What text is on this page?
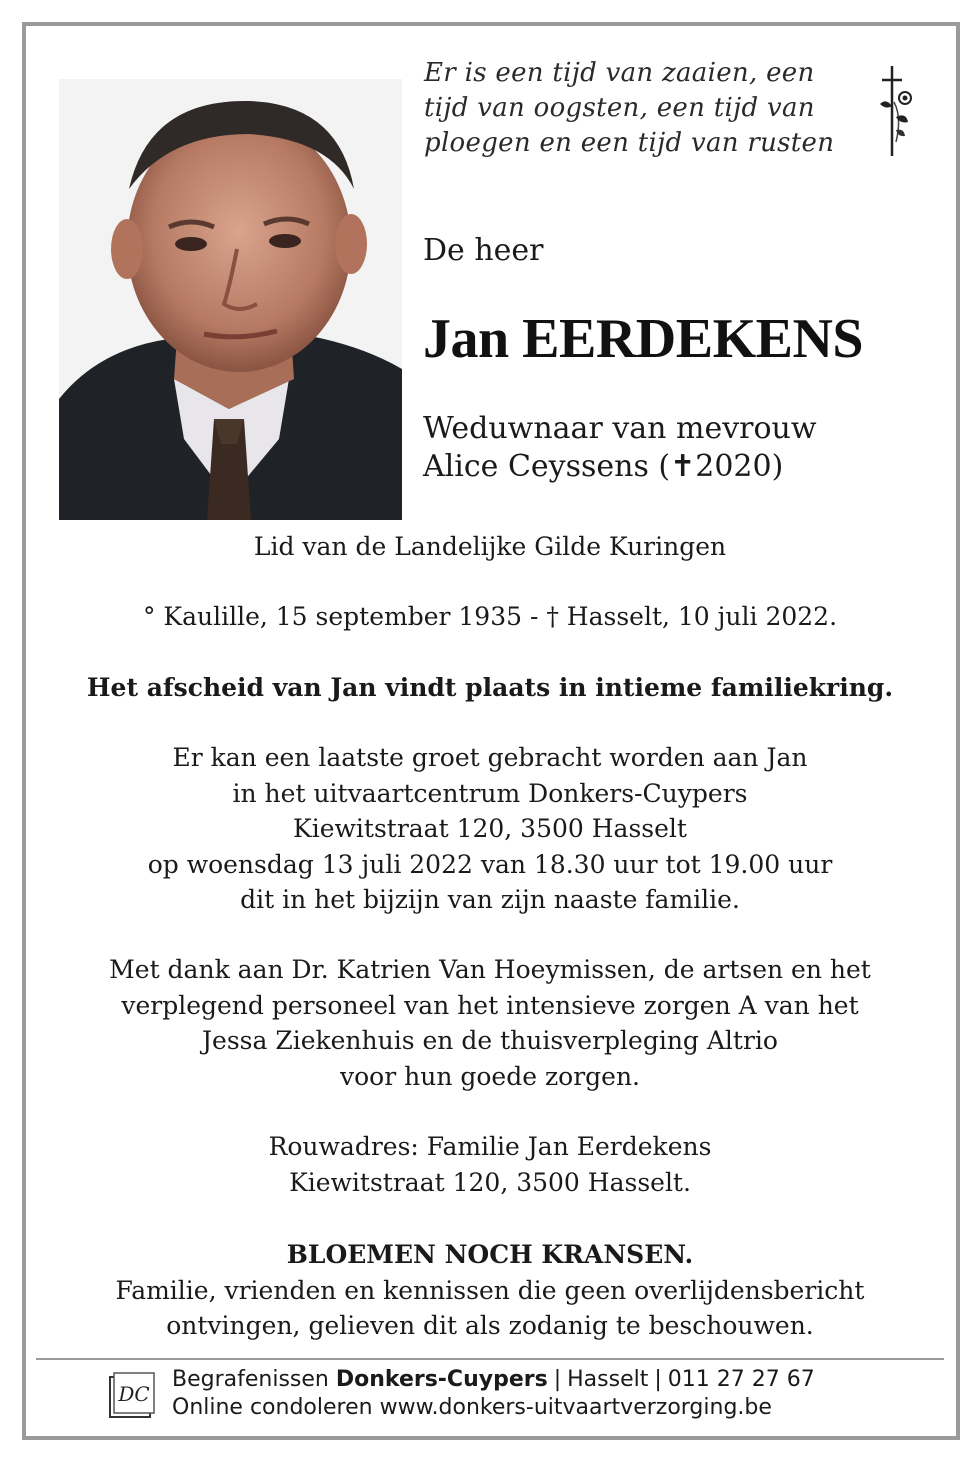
Er is een tijd van zaaien, een
tijd van oogsten, een tijd van
ploegen en een tijd van rusten
De heer
Jan EERDEKENS
Weduwnaar van mevrouw
Alice Ceyssens (✝2020)
Lid van de Landelijke Gilde Kuringen
° Kaulille, 15 september 1935 - † Hasselt, 10 juli 2022.
Het afscheid van Jan vindt plaats in intieme familiekring.
Er kan een laatste groet gebracht worden aan Jan
in het uitvaartcentrum Donkers-Cuypers
Kiewitstraat 120, 3500 Hasselt
op woensdag 13 juli 2022 van 18.30 uur tot 19.00 uur
dit in het bijzijn van zijn naaste familie.
Met dank aan Dr. Katrien Van Hoeymissen, de artsen en het
verplegend personeel van het intensieve zorgen A van het
Jessa Ziekenhuis en de thuisverpleging Altrio
voor hun goede zorgen.
Rouwadres: Familie Jan Eerdekens
Kiewitstraat 120, 3500 Hasselt.
BLOEMEN NOCH KRANSEN.
Familie, vrienden en kennissen die geen overlijdensbericht
ontvingen, gelieven dit als zodanig te beschouwen.
DC
Begrafenissen Donkers-Cuypers | Hasselt | 011 27 27 67
Online condoleren www.donkers-uitvaartverzorging.be
